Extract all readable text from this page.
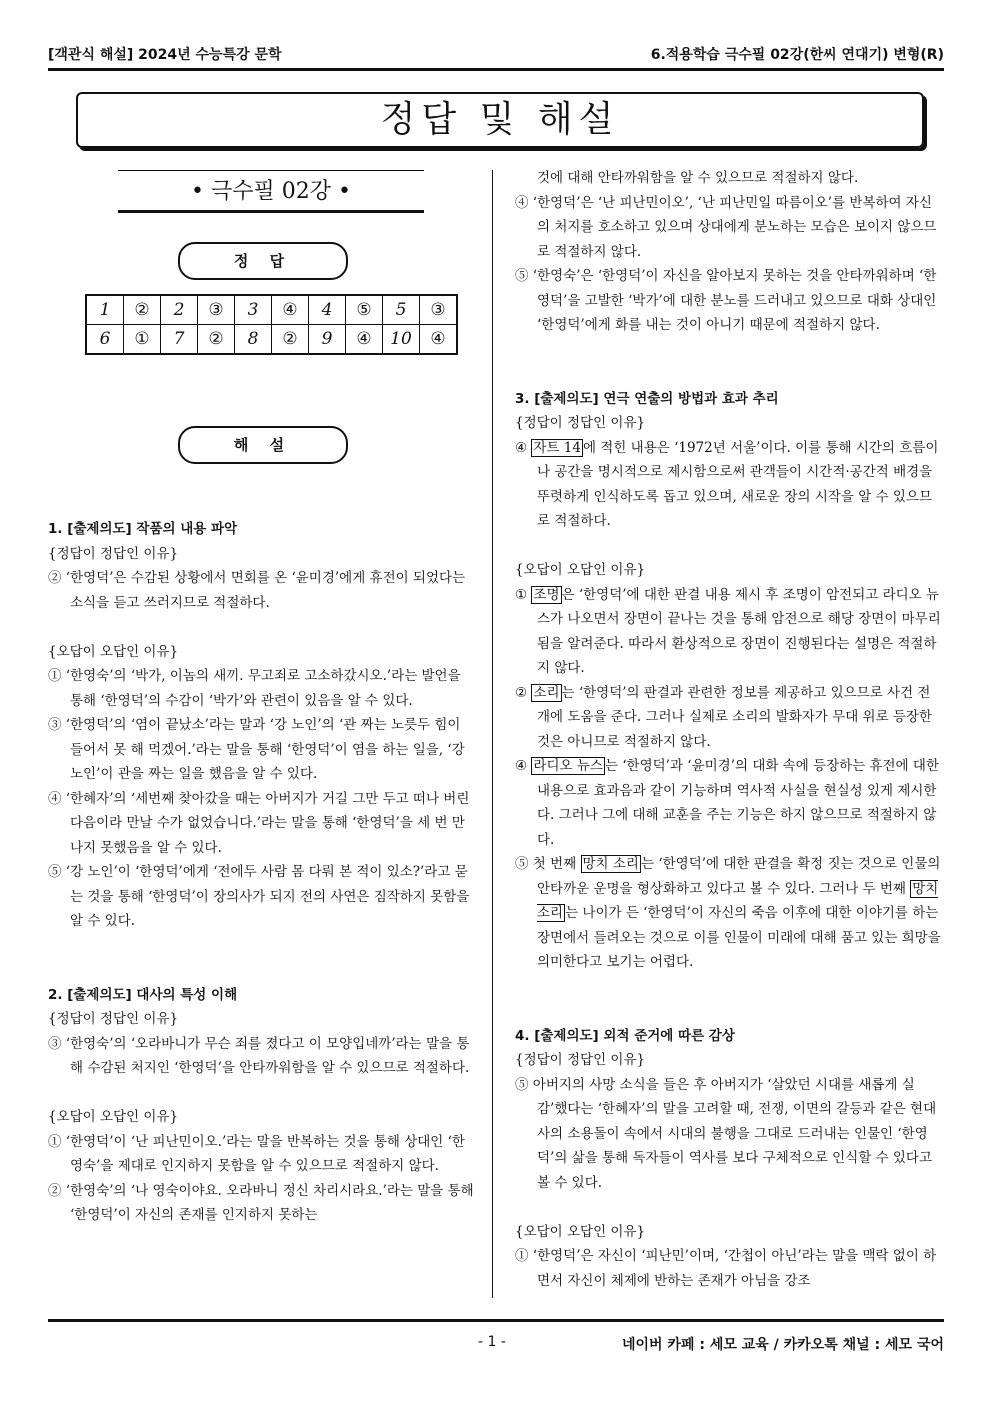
[객관식 해설] 2024년 수능특강 문학	6.적용학습 극수필 02강(한씨 연대기) 변형(R)
정답 및 해설
• 극수필 02강 •
정 답
1	②	2	③	3	④	4	⑤	5	③
6	①	7	②	8	②	9	④	10	④
해 설

1. [출제의도] 작품의 내용 파악

{정답이 정답인 이유}

② ‘한영덕’은 수감된 상황에서 면회를 온 ‘윤미경’에게 휴전이 되었다는 소식을 듣고 쓰러지므로 적절하다.

{오답이 오답인 이유}

① ‘한영숙’의 ‘박가, 이놈의 새끼. 무고죄로 고소하갔시오.’라는 발언을 통해 ‘한영덕’의 수감이 ‘박가’와 관련이 있음을 알 수 있다.

③ ‘한영덕’의 ‘염이 끝났소’라는 말과 ‘강 노인’의 ‘관 짜는 노릇두 힘이 들어서 못 해 먹겠어.’라는 말을 통해 ‘한영덕’이 염을 하는 일을, ‘강 노인’이 관을 짜는 일을 했음을 알 수 있다.

④ ‘한혜자’의 ‘세번째 찾아갔을 때는 아버지가 거길 그만 두고 떠나 버린 다음이라 만날 수가 없었습니다.’라는 말을 통해 ‘한영덕’을 세 번 만나지 못했음을 알 수 있다.

⑤ ‘강 노인’이 ‘한영덕’에게 ‘전에두 사람 몸 다뤄 본 적이 있소?’라고 묻는 것을 통해 ‘한영덕’이 장의사가 되지 전의 사연은 짐작하지 못함을 알 수 있다.

2. [출제의도] 대사의 특성 이해

{정답이 정답인 이유}

③ ‘한영숙’의 ‘오라바니가 무슨 죄를 졌다고 이 모양입네까’라는 말을 통해 수감된 처지인 ‘한영덕’을 안타까워함을 알 수 있으므로 적절하다.

{오답이 오답인 이유}

① ‘한영덕’이 ‘난 피난민이오.’라는 말을 반복하는 것을 통해 상대인 ‘한영숙’을 제대로 인지하지 못함을 알 수 있으므로 적절하지 않다.

② ‘한영숙’의 ‘나 영숙이야요. 오라바니 정신 차리시라요.’라는 말을 통해 ‘한영덕’이 자신의 존재를 인지하지 못하는

것에 대해 안타까워함을 알 수 있으므로 적절하지 않다.

④ ‘한영덕’은 ‘난 피난민이오’, ‘난 피난민일 따름이오’를 반복하여 자신의 처지를 호소하고 있으며 상대에게 분노하는 모습은 보이지 않으므로 적절하지 않다.

⑤ ‘한영숙’은 ‘한영덕’이 자신을 알아보지 못하는 것을 안타까워하며 ‘한영덕’을 고발한 ‘박가’에 대한 분노를 드러내고 있으므로 대화 상대인 ‘한영덕’에게 화를 내는 것이 아니기 때문에 적절하지 않다.

3. [출제의도] 연극 연출의 방법과 효과 추리

{정답이 정답인 이유}

④ 자트 14 에 적힌 내용은 ‘1972년 서울’이다. 이를 통해 시간의 흐름이나 공간을 명시적으로 제시함으로써 관객들이 시간적·공간적 배경을 뚜렷하게 인식하도록 돕고 있으며, 새로운 장의 시작을 알 수 있으므로 적절하다.

{오답이 오답인 이유}

① 조명 은 ‘한영덕’에 대한 판결 내용 제시 후 조명이 암전되고 라디오 뉴스가 나오면서 장면이 끝나는 것을 통해 암전으로 해당 장면이 마무리됨을 알려준다. 따라서 환상적으로 장면이 진행된다는 설명은 적절하지 않다.

② 소리 는 ‘한영덕’의 판결과 관련한 정보를 제공하고 있으므로 사건 전개에 도움을 준다. 그러나 실제로 소리의 발화자가 무대 위로 등장한 것은 아니므로 적절하지 않다.

④ 라디오 뉴스 는 ‘한영덕’과 ‘윤미경’의 대화 속에 등장하는 휴전에 대한 내용으로 효과음과 같이 기능하며 역사적 사실을 현실성 있게 제시한다. 그러나 그에 대해 교훈을 주는 기능은 하지 않으므로 적절하지 않다.

⑤ 첫 번째 망치 소리 는 ‘한영덕’에 대한 판결을 확정 짓는 것으로 인물의 안타까운 운명을 형상화하고 있다고 볼 수 있다. 그러나 두 번째 망치 소리 는 나이가 든 ‘한영덕’이 자신의 죽음 이후에 대한 이야기를 하는 장면에서 들려오는 것으로 이를 인물이 미래에 대해 품고 있는 희망을 의미한다고 보기는 어렵다.

4. [출제의도] 외적 준거에 따른 감상

{정답이 정답인 이유}

⑤ 아버지의 사망 소식을 들은 후 아버지가 ‘살았던 시대를 새롭게 실감’했다는 ‘한혜자’의 말을 고려할 때, 전쟁, 이면의 갈등과 같은 현대사의 소용돌이 속에서 시대의 불행을 그대로 드러내는 인물인 ‘한영덕’의 삶을 통해 독자들이 역사를 보다 구체적으로 인식할 수 있다고 볼 수 있다.

{오답이 오답인 이유}

① ‘한영덕’은 자신이 ‘피난민’이며, ‘간첩이 아닌’라는 말을 맥락 없이 하면서 자신이 체제에 반하는 존재가 아님을 강조

- 1 -	네이버 카페 : 세모 교육 / 카카오톡 채널 : 세모 국어
